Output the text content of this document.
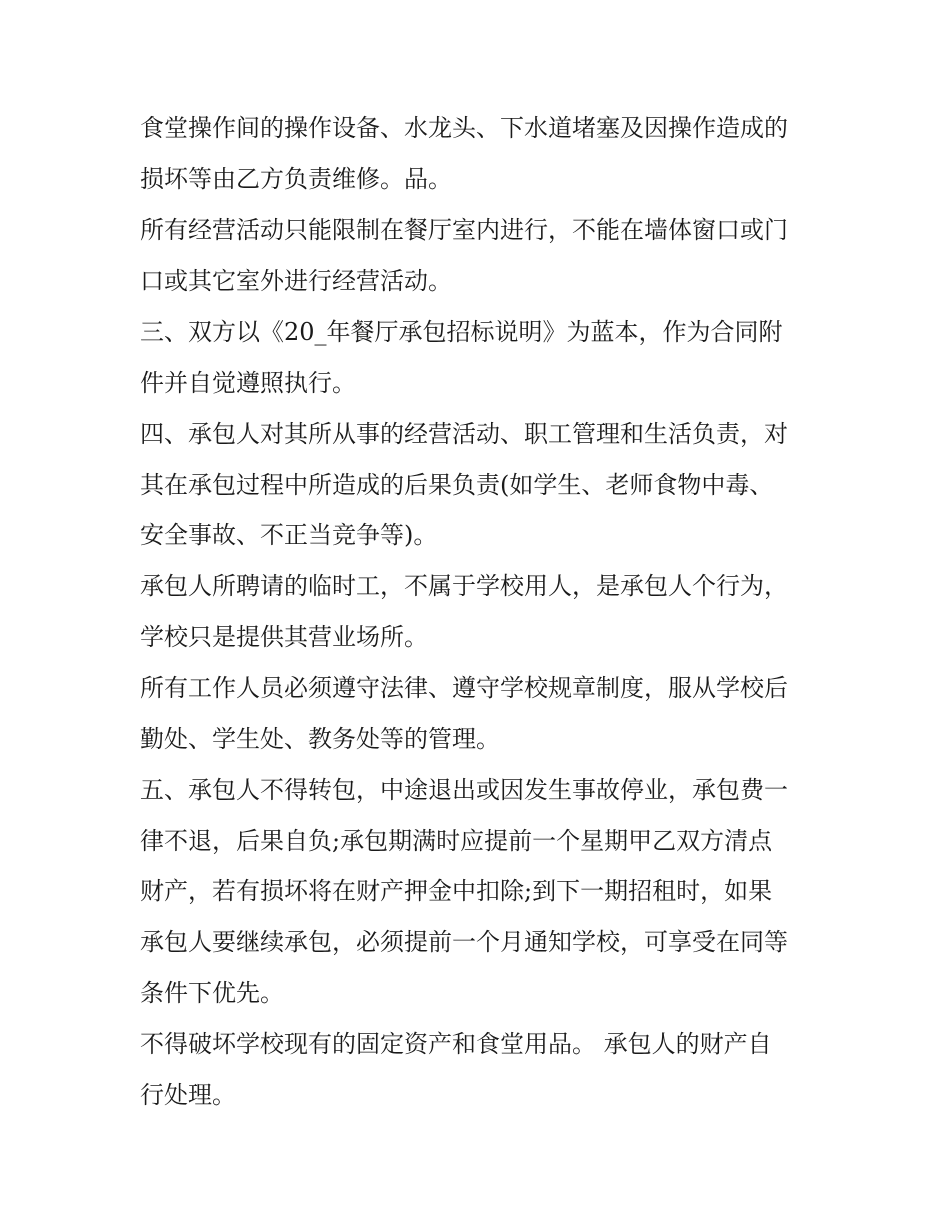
食堂操作间的操作设备、水龙头、下水道堵塞及因操作造成的
损坏等由乙方负责维修。品。
所有经营活动只能限制在餐厅室内进行，不能在墙体窗口或门
口或其它室外进行经营活动。
三、双方以《20_年餐厅承包招标说明》为蓝本，作为合同附
件并自觉遵照执行。
四、承包人对其所从事的经营活动、职工管理和生活负责，对
其在承包过程中所造成的后果负责(如学生、老师食物中毒、
安全事故、不正当竞争等)。
承包人所聘请的临时工，不属于学校用人，是承包人个行为，
学校只是提供其营业场所。
所有工作人员必须遵守法律、遵守学校规章制度，服从学校后
勤处、学生处、教务处等的管理。
五、承包人不得转包，中途退出或因发生事故停业，承包费一
律不退，后果自负;承包期满时应提前一个星期甲乙双方清点
财产，若有损坏将在财产押金中扣除;到下一期招租时，如果
承包人要继续承包，必须提前一个月通知学校，可享受在同等
条件下优先。
不得破坏学校现有的固定资产和食堂用品。 承包人的财产自
行处理。
